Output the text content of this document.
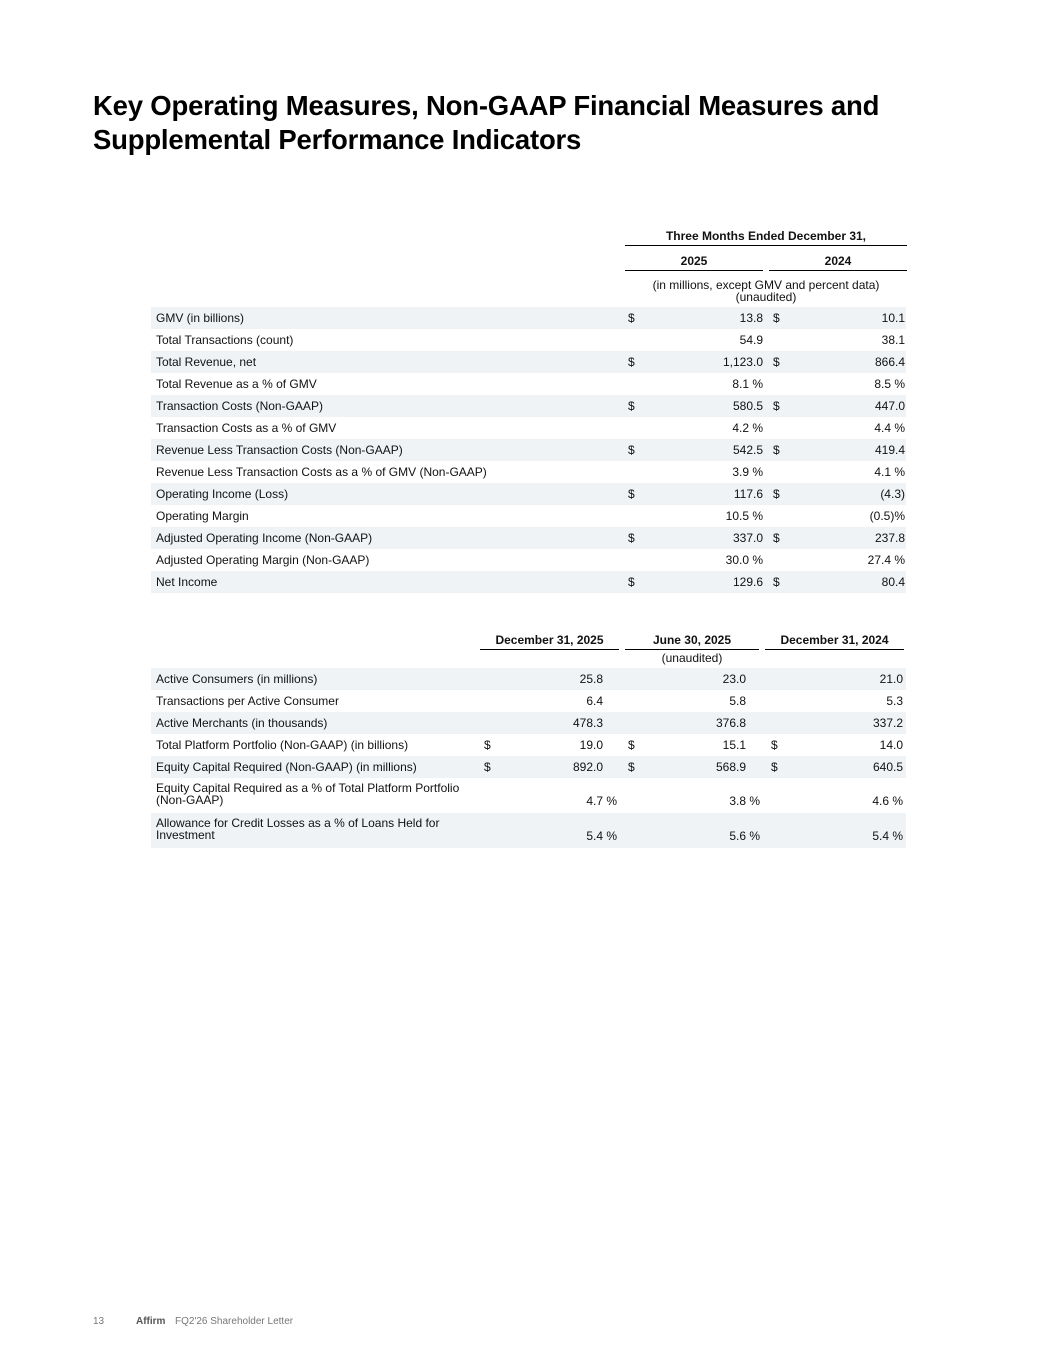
Key Operating Measures, Non-GAAP Financial Measures and
Supplemental Performance Indicators
Three Months Ended December 31,
2025	2024
(in millions, except GMV and percent data)
(unaudited)
GMV (in billions)	$	13.8 $	10.1
Total Transactions (count)	54.9	38.1
Total Revenue, net	$	1,123.0 $	866.4
Total Revenue as a % of GMV	8.1 %	8.5 %
Transaction Costs (Non-GAAP)	$	580.5 $	447.0
Transaction Costs as a % of GMV	4.2 %	4.4 %
Revenue Less Transaction Costs (Non-GAAP)	$	542.5 $	419.4
Revenue Less Transaction Costs as a % of GMV (Non-GAAP)	3.9 %	4.1 %
Operating Income (Loss)	$	117.6 $	(4.3)
Operating Margin	10.5 %	(0.5)%
Adjusted Operating Income (Non-GAAP)	$	337.0 $	237.8
Adjusted Operating Margin (Non-GAAP)	30.0 %	27.4 %
Net Income	$	129.6 $	80.4
December 31, 2025	June 30, 2025	December 31, 2024
(unaudited)
Active Consumers (in millions)	25.8	23.0	21.0
Transactions per Active Consumer	6.4	5.8	5.3
Active Merchants (in thousands)	478.3	376.8	337.2
Total Platform Portfolio (Non-GAAP) (in billions)	$	19.0 $	15.1 $	14.0
Equity Capital Required (Non-GAAP) (in millions)	$	892.0 $	568.9 $	640.5
Equity Capital Required as a % of Total Platform Portfolio
(Non-GAAP)	4.7 %	3.8 %	4.6 %
Allowance for Credit Losses as a % of Loans Held for
Investment	5.4 %	5.6 %	5.4 %
13	Affirm FQ2'26 Shareholder Letter
